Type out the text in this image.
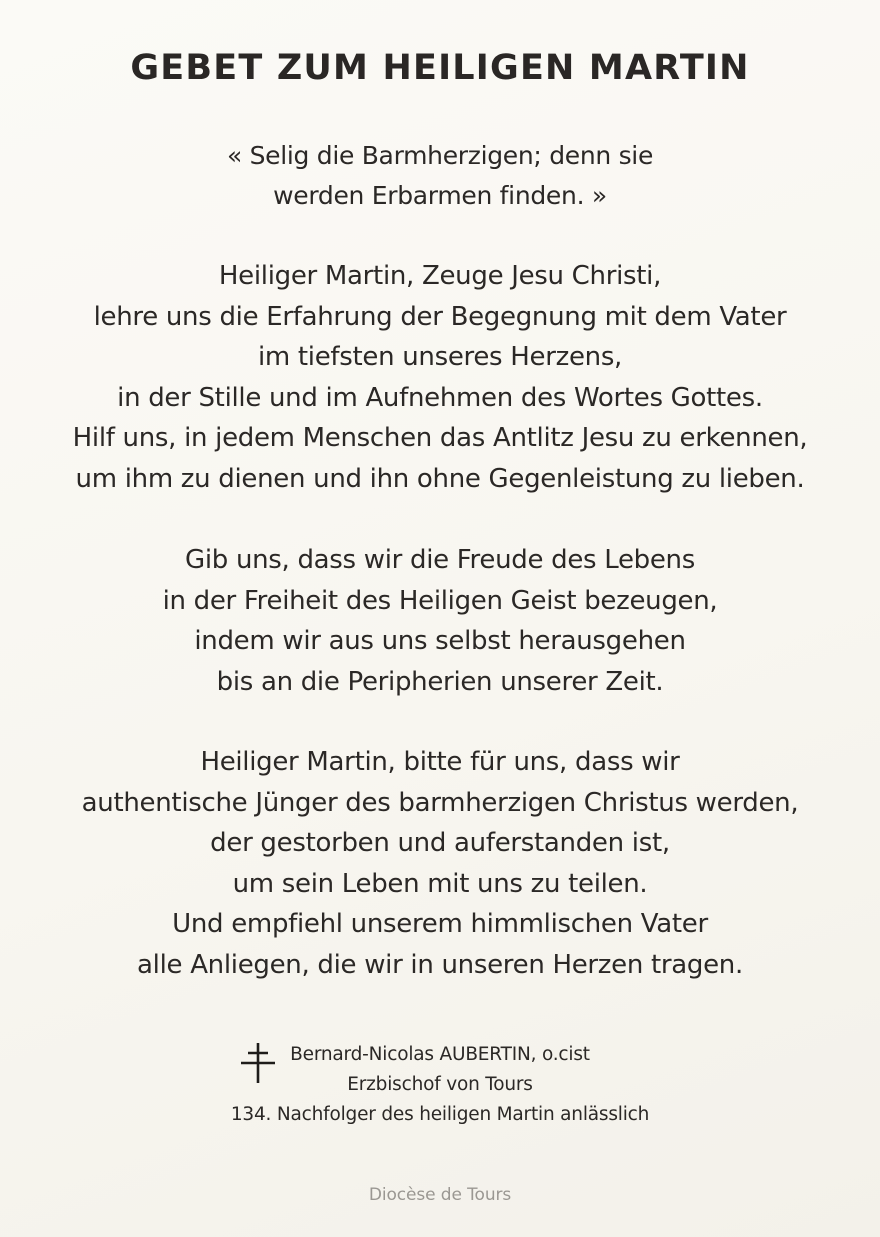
GEBET ZUM HEILIGEN MARTIN
« Selig die Barmherzigen; denn sie
werden Erbarmen finden. »
Heiliger Martin, Zeuge Jesu Christi,
lehre uns die Erfahrung der Begegnung mit dem Vater
im tiefsten unseres Herzens,
in der Stille und im Aufnehmen des Wortes Gottes.
Hilf uns, in jedem Menschen das Antlitz Jesu zu erkennen,
um ihm zu dienen und ihn ohne Gegenleistung zu lieben.
Gib uns, dass wir die Freude des Lebens
in der Freiheit des Heiligen Geist bezeugen,
indem wir aus uns selbst herausgehen
bis an die Peripherien unserer Zeit.
Heiliger Martin, bitte für uns, dass wir
authentische Jünger des barmherzigen Christus werden,
der gestorben und auferstanden ist,
um sein Leben mit uns zu teilen.
Und empfiehl unserem himmlischen Vater
alle Anliegen, die wir in unseren Herzen tragen.
Bernard-Nicolas AUBERTIN, o.cist
Erzbischof von Tours
134. Nachfolger des heiligen Martin anlässlich
Diocèse de Tours
